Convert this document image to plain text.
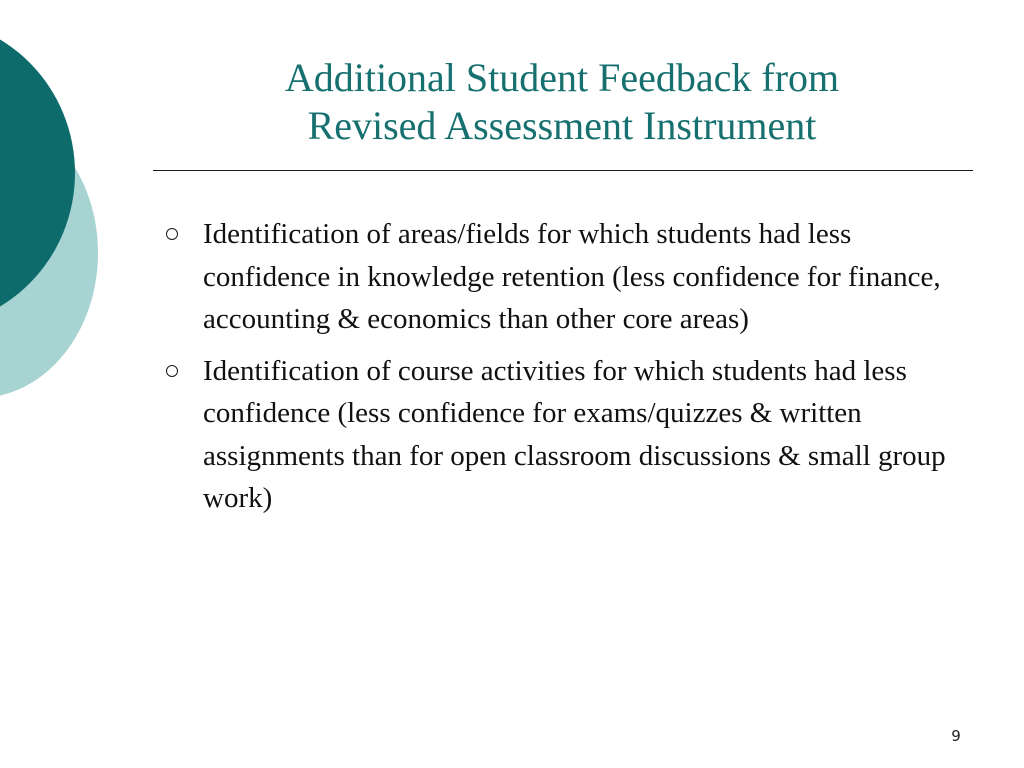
Additional Student Feedback from
Revised Assessment Instrument
Identification of areas/fields for which students had less confidence in knowledge retention (less confidence for finance, accounting & economics than other core areas)
Identification of course activities for which students had less confidence (less confidence for exams/quizzes & written assignments than for open classroom discussions & small group work)
9
